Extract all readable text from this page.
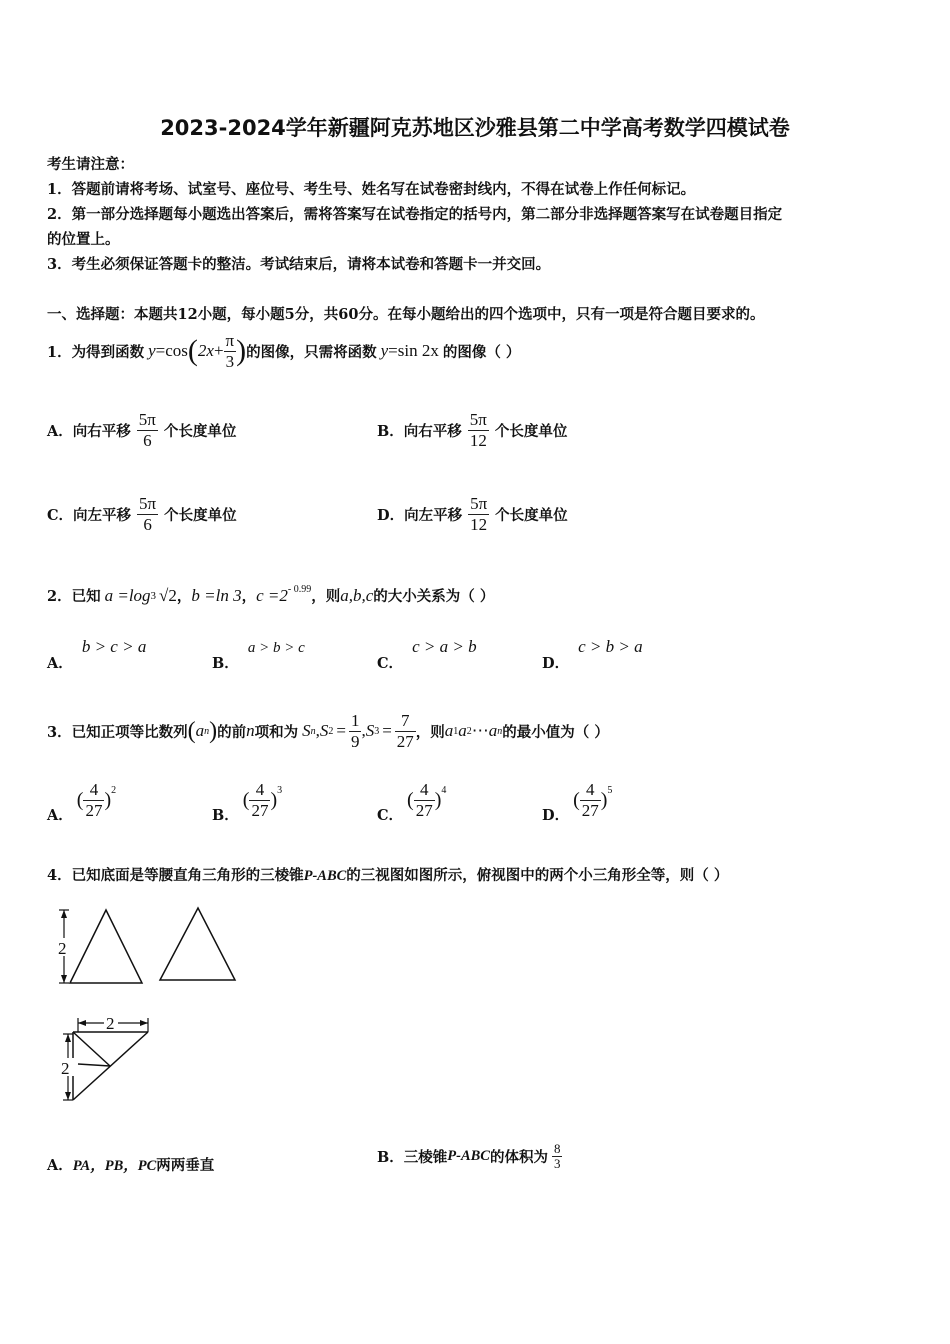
2023-2024学年新疆阿克苏地区沙雅县第二中学高考数学四模试卷
考生请注意：
1．答题前请将考场、试室号、座位号、考生号、姓名写在试卷密封线内，不得在试卷上作任何标记。
2．第一部分选择题每小题选出答案后，需将答案写在试卷指定的括号内，第二部分非选择题答案写在试卷题目指定
的位置上。
3．考生必须保证答题卡的整洁。考试结束后，请将本试卷和答题卡一并交回。
一、选择题：本题共12小题，每小题5分，共60分。在每小题给出的四个选项中，只有一项是符合题目要求的。
1．为得到函数 y =cos ( $2x + \frac{\pi}{3}$ ) 的图像，只需将函数 y =sin 2x 的图像（ ）
A． 向右平移 $\frac{5\pi}{6}$ 个长度单位	B． 向右平移 $\frac{5\pi}{12}$ 个长度单位
C． 向左平移 $\frac{5\pi}{6}$ 个长度单位	D． 向左平移 $\frac{5\pi}{12}$ 个长度单位
2．已知 a =log 3 √2 ， b =ln 3 ， $c =2^{- 0.99}$ ，则 a,b,c 的大小关系为（ ）
A． b > c > a
B． a > b > c
C． c > a > b
D． c > b > a
3．已知正项等比数列 ( a n ) 的前 n 项和为 S n , S $2 = \frac{1}{9}$ , S $3 = \frac{7}{27}$ ，则 a 1 a 2 ⋯ a n 的最小值为（ ）
A．
( $\frac{4}{27} )^2$
B．
( $\frac{4}{27} )^3$
C．
( $\frac{4}{27} )^4$
D．
( $\frac{4}{27} )^5$
4．已知底面是等腰直角三角形的三棱锥P-ABC的三视图如图所示，俯视图中的两个小三角形全等，则（ ）
2
2
2
A．PA，PB，PC两两垂直	B． 三棱锥 P-ABC 的体积为 $\frac{8}{3}$
